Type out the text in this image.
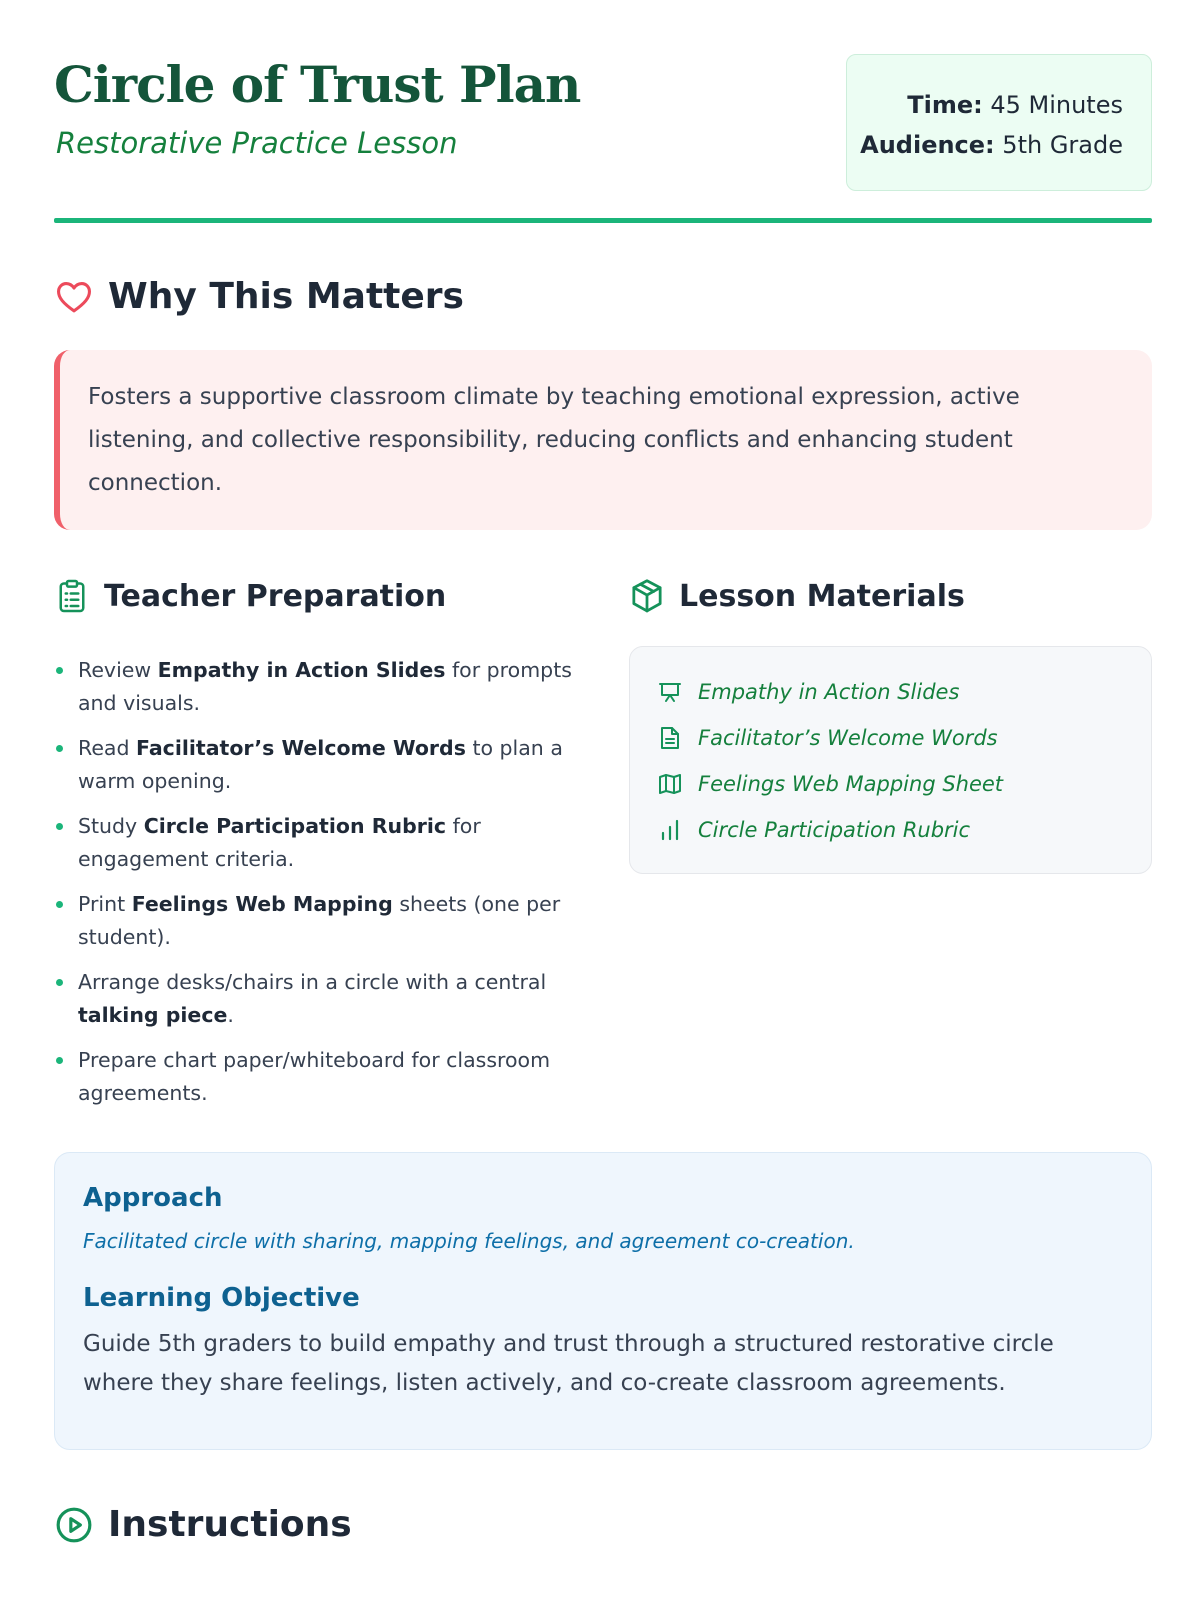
Circle of Trust Plan
Restorative Practice Lesson
Time: 45 Minutes
Audience: 5th Grade
Why This Matters

Fosters a supportive classroom climate by teaching emotional expression, active listening, and collective responsibility, reducing conflicts and enhancing student connection.

Teacher Preparation
Review Empathy in Action Slides for prompts and visuals.
Read Facilitator’s Welcome Words to plan a warm opening.
Study Circle Participation Rubric for engagement criteria.
Print Feelings Web Mapping sheets (one per student).
Arrange desks/chairs in a circle with a central talking piece.
Prepare chart paper/whiteboard for classroom agreements.
Lesson Materials
Empathy in Action Slides
Facilitator’s Welcome Words
Feelings Web Mapping Sheet
Circle Participation Rubric
Approach
Facilitated circle with sharing, mapping feelings, and agreement co-creation.
Learning Objective
Guide 5th graders to build empathy and trust through a structured restorative circle where they share feelings, listen actively, and co-create classroom agreements.
Instructions
